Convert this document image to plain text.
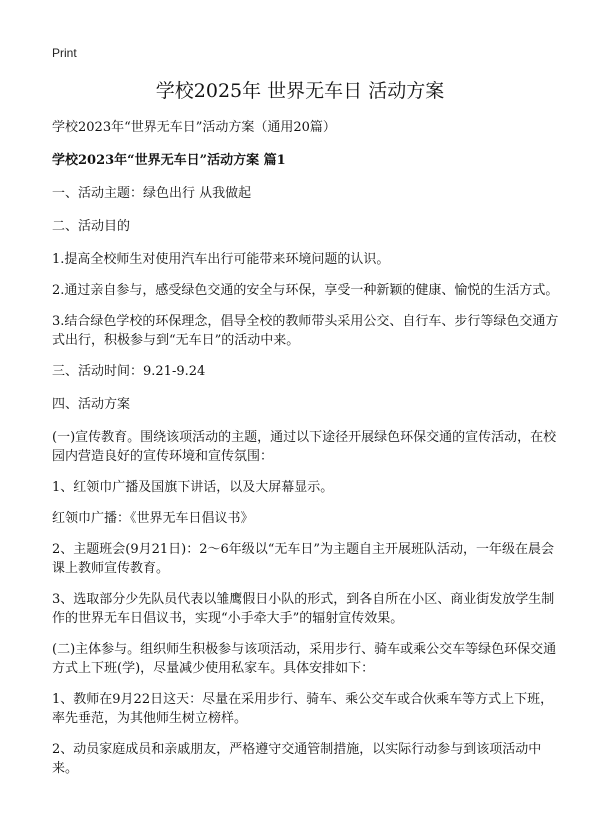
Print
学校2025年 世界无车日 活动方案

学校2023年“世界无车日”活动方案（通用20篇）

学校2023年“世界无车日”活动方案 篇1

一、活动主题：绿色出行 从我做起

二、活动目的

1.提高全校师生对使用汽车出行可能带来环境问题的认识。

2.通过亲自参与，感受绿色交通的安全与环保，享受一种新颖的健康、愉悦的生活方式。

3.结合绿色学校的环保理念，倡导全校的教师带头采用公交、自行车、步行等绿色交通方式出行，积极参与到“无车日”的活动中来。

三、活动时间：9.21-9.24

四、活动方案

(一)宣传教育。围绕该项活动的主题，通过以下途径开展绿色环保交通的宣传活动，在校园内营造良好的宣传环境和宣传氛围：

1、红领巾广播及国旗下讲话，以及大屏幕显示。

红领巾广播：《世界无车日倡议书》

2、主题班会(9月21日)：2～6年级以“无车日”为主题自主开展班队活动，一年级在晨会课上教师宣传教育。

3、选取部分少先队员代表以雏鹰假日小队的形式，到各自所在小区、商业街发放学生制作的世界无车日倡议书，实现“小手牵大手”的辐射宣传效果。

(二)主体参与。组织师生积极参与该项活动，采用步行、骑车或乘公交车等绿色环保交通方式上下班(学)，尽量减少使用私家车。具体安排如下：

1、教师在9月22日这天：尽量在采用步行、骑车、乘公交车或合伙乘车等方式上下班，率先垂范，为其他师生树立榜样。

2、动员家庭成员和亲戚朋友，严格遵守交通管制措施，以实际行动参与到该项活动中来。
